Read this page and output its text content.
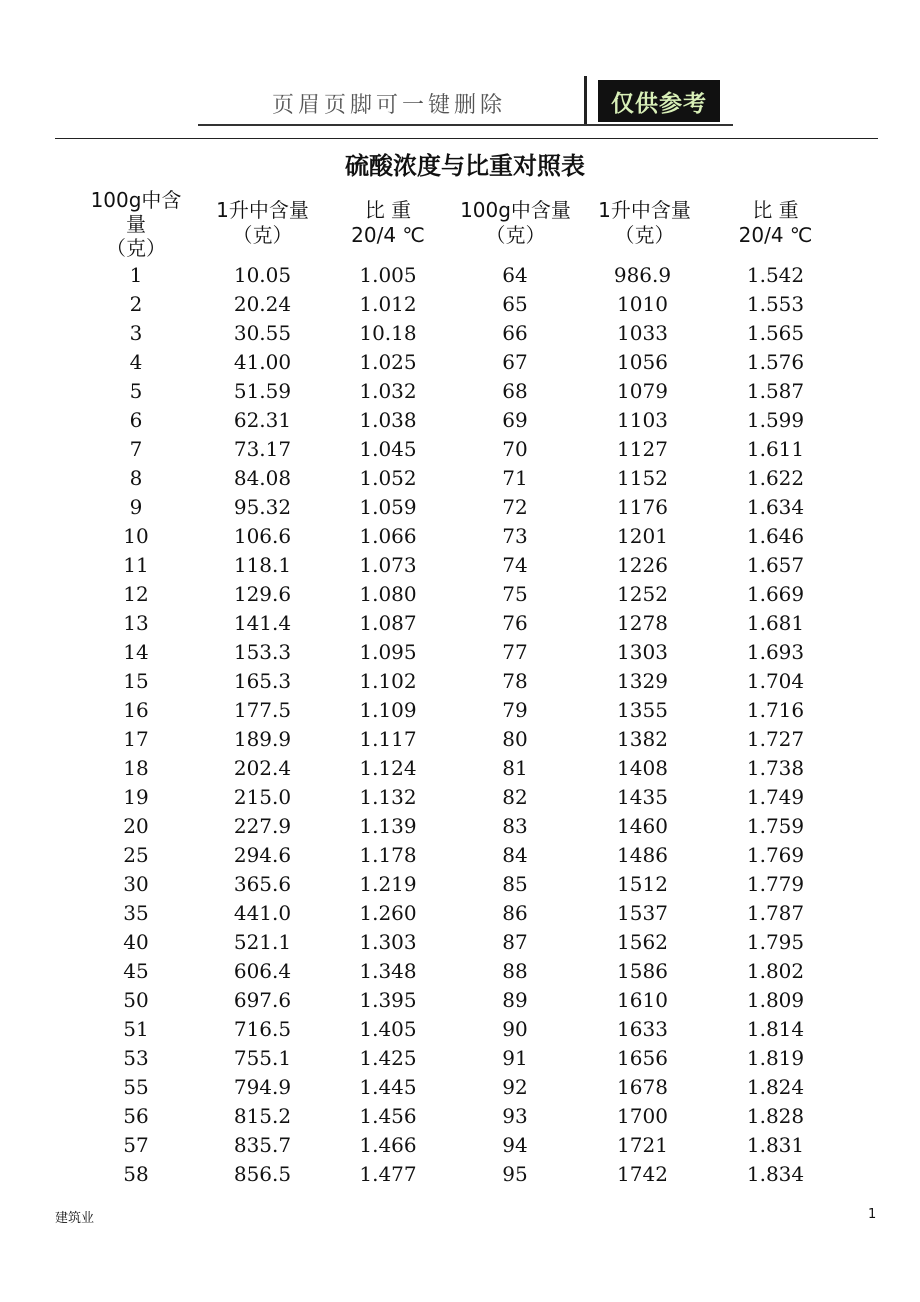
页眉页脚可一键删除	仅供参考
硫酸浓度与比重对照表
100g中含
量
（克）
1升中含量
（克）
比 重
20/4 ℃
100g中含量
（克）
1升中含量
（克）
比 重
20/4 ℃
1
2
3
4
5
6
7
8
9
10
11
12
13
14
15
16
17
18
19
20
25
30
35
40
45
50
51
53
55
56
57
58
10.05
20.24
30.55
41.00
51.59
62.31
73.17
84.08
95.32
106.6
118.1
129.6
141.4
153.3
165.3
177.5
189.9
202.4
215.0
227.9
294.6
365.6
441.0
521.1
606.4
697.6
716.5
755.1
794.9
815.2
835.7
856.5
1.005
1.012
10.18
1.025
1.032
1.038
1.045
1.052
1.059
1.066
1.073
1.080
1.087
1.095
1.102
1.109
1.117
1.124
1.132
1.139
1.178
1.219
1.260
1.303
1.348
1.395
1.405
1.425
1.445
1.456
1.466
1.477
64
65
66
67
68
69
70
71
72
73
74
75
76
77
78
79
80
81
82
83
84
85
86
87
88
89
90
91
92
93
94
95
986.9
1010
1033
1056
1079
1103
1127
1152
1176
1201
1226
1252
1278
1303
1329
1355
1382
1408
1435
1460
1486
1512
1537
1562
1586
1610
1633
1656
1678
1700
1721
1742
1.542
1.553
1.565
1.576
1.587
1.599
1.611
1.622
1.634
1.646
1.657
1.669
1.681
1.693
1.704
1.716
1.727
1.738
1.749
1.759
1.769
1.779
1.787
1.795
1.802
1.809
1.814
1.819
1.824
1.828
1.831
1.834
建筑业	1
